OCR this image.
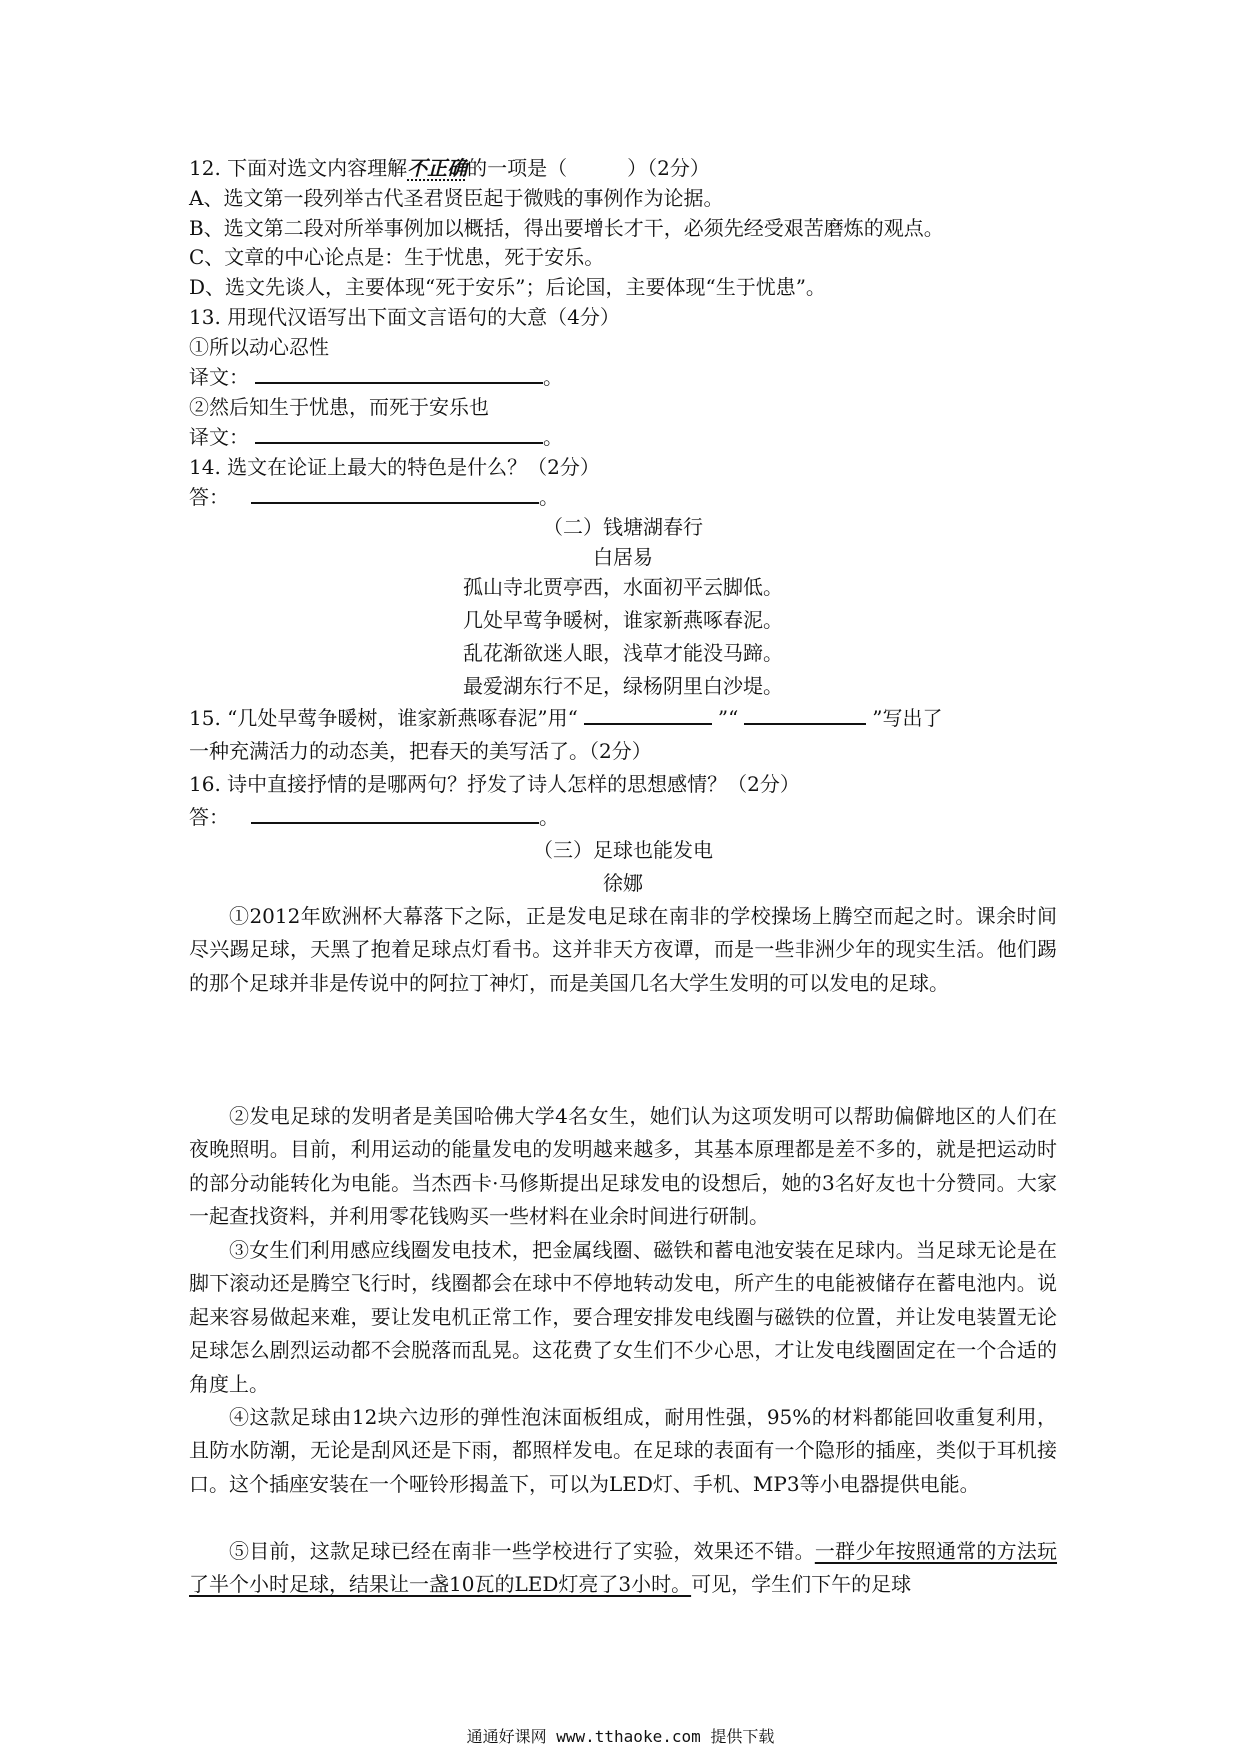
12. 下面对选文内容理解不正确的一项是（　　　）（2分）
A、选文第一段列举古代圣君贤臣起于微贱的事例作为论据。
B、选文第二段对所举事例加以概括，得出要增长才干，必须先经受艰苦磨炼的观点。
C、文章的中心论点是：生于忧患，死于安乐。
D、选文先谈人，主要体现“死于安乐”；后论国，主要体现“生于忧患”。
13. 用现代汉语写出下面文言语句的大意（4分）
①所以动心忍性
译文：	。
②然后知生于忧患，而死于安乐也
译文：	。
14. 选文在论证上最大的特色是什么？（2分）
答：	。
（二）钱塘湖春行
白居易
孤山寺北贾亭西，水面初平云脚低。
几处早莺争暖树，谁家新燕啄春泥。
乱花渐欲迷人眼，浅草才能没马蹄。
最爱湖东行不足，绿杨阴里白沙堤。
15. “几处早莺争暖树，谁家新燕啄春泥”用“	”“	”写出了
一种充满活力的动态美，把春天的美写活了。（2分）
16. 诗中直接抒情的是哪两句？抒发了诗人怎样的思想感情？（2分）
答：	。
（三）足球也能发电
徐娜
①2012年欧洲杯大幕落下之际，正是发电足球在南非的学校操场上腾空而起之时。课余时间尽兴踢足球，天黑了抱着足球点灯看书。这并非天方夜谭，而是一些非洲少年的现实生活。他们踢的那个足球并非是传说中的阿拉丁神灯，而是美国几名大学生发明的可以发电的足球。
②发电足球的发明者是美国哈佛大学4名女生，她们认为这项发明可以帮助偏僻地区的人们在夜晚照明。目前，利用运动的能量发电的发明越来越多，其基本原理都是差不多的，就是把运动时的部分动能转化为电能。当杰西卡·马修斯提出足球发电的设想后，她的3名好友也十分赞同。大家一起查找资料，并利用零花钱购买一些材料在业余时间进行研制。
③女生们利用感应线圈发电技术，把金属线圈、磁铁和蓄电池安装在足球内。当足球无论是在脚下滚动还是腾空飞行时，线圈都会在球中不停地转动发电，所产生的电能被储存在蓄电池内。说起来容易做起来难，要让发电机正常工作，要合理安排发电线圈与磁铁的位置，并让发电装置无论足球怎么剧烈运动都不会脱落而乱晃。这花费了女生们不少心思，才让发电线圈固定在一个合适的角度上。
④这款足球由12块六边形的弹性泡沫面板组成，耐用性强，95%的材料都能回收重复利用，且防水防潮，无论是刮风还是下雨，都照样发电。在足球的表面有一个隐形的插座，类似于耳机接口。这个插座安装在一个哑铃形揭盖下，可以为LED灯、手机、MP3等小电器提供电能。
⑤目前，这款足球已经在南非一些学校进行了实验，效果还不错。一群少年按照通常的方法玩了半个小时足球，结果让一盏10瓦的LED灯亮了3小时。可见，学生们下午的足球
通通好课网 www.tthaoke.com 提供下载
